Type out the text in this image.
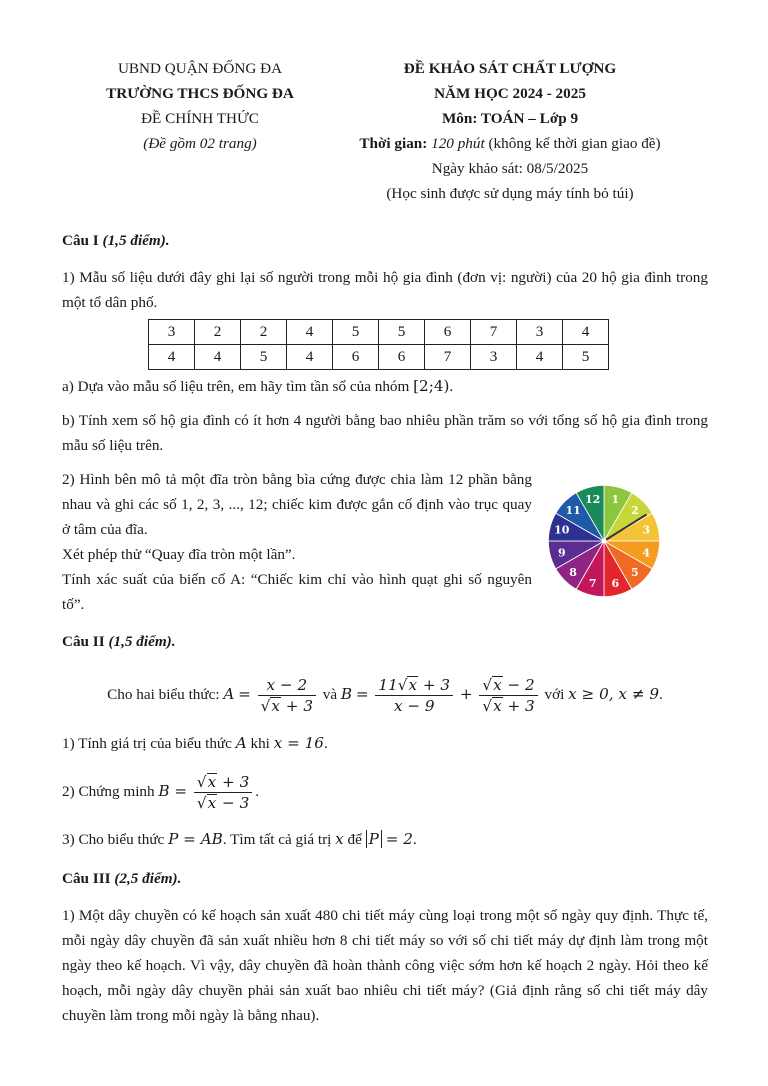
UBND QUẬN ĐỐNG ĐA
TRƯỜNG THCS ĐỐNG ĐA
ĐỀ CHÍNH THỨC
(Đề gồm 02 trang)
ĐỀ KHẢO SÁT CHẤT LƯỢNG
NĂM HỌC 2024 - 2025
Môn: TOÁN – Lớp 9
Thời gian: 120 phút (không kể thời gian giao đề)
Ngày khảo sát: 08/5/2025
(Học sinh được sử dụng máy tính bỏ túi)
Câu I (1,5 điểm).
1) Mẫu số liệu dưới đây ghi lại số người trong mỗi hộ gia đình (đơn vị: người) của 20 hộ gia đình trong một tổ dân phố.
3	2	2	4	5	5	6	7	3	4
4	4	5	4	6	6	7	3	4	5
a) Dựa vào mẫu số liệu trên, em hãy tìm tần số của nhóm [2;4).
b) Tính xem số hộ gia đình có ít hơn 4 người bằng bao nhiêu phần trăm so với tổng số hộ gia đình trong mẫu số liệu trên.
2) Hình bên mô tả một đĩa tròn bằng bìa cứng được chia làm 12 phần bằng nhau và ghi các số 1, 2, 3, ..., 12; chiếc kim được gắn cố định vào trục quay ở tâm của đĩa.
Xét phép thử “Quay đĩa tròn một lần”.
Tính xác suất của biến cố A: “Chiếc kim chỉ vào hình quạt ghi số nguyên tố”.
1
2
3
4
5
6
7
8
9
10
11
12
Câu II (1,5 điểm).
Cho hai biểu thức: $A = \frac{x - 2}{√x + 3}$ và $B = \frac{11√x + 3}{x - 9} + \frac{√x - 2}{√x + 3}$ với x ≥ 0, x ≠ 9.
1) Tính giá trị của biểu thức A khi x = 16.
2) Chứng minh $B = \frac{√x + 3}{√x - 3}$ .
3) Cho biểu thức P = AB. Tìm tất cả giá trị x để P = 2.
Câu III (2,5 điểm).
1) Một dây chuyền có kế hoạch sản xuất 480 chi tiết máy cùng loại trong một số ngày quy định. Thực tế, mỗi ngày dây chuyền đã sản xuất nhiều hơn 8 chi tiết máy so với số chi tiết máy dự định làm trong một ngày theo kế hoạch. Vì vậy, dây chuyền đã hoàn thành công việc sớm hơn kế hoạch 2 ngày. Hỏi theo kế hoạch, mỗi ngày dây chuyền phải sản xuất bao nhiêu chi tiết máy? (Giả định rằng số chi tiết máy dây chuyền làm trong mỗi ngày là bằng nhau).
